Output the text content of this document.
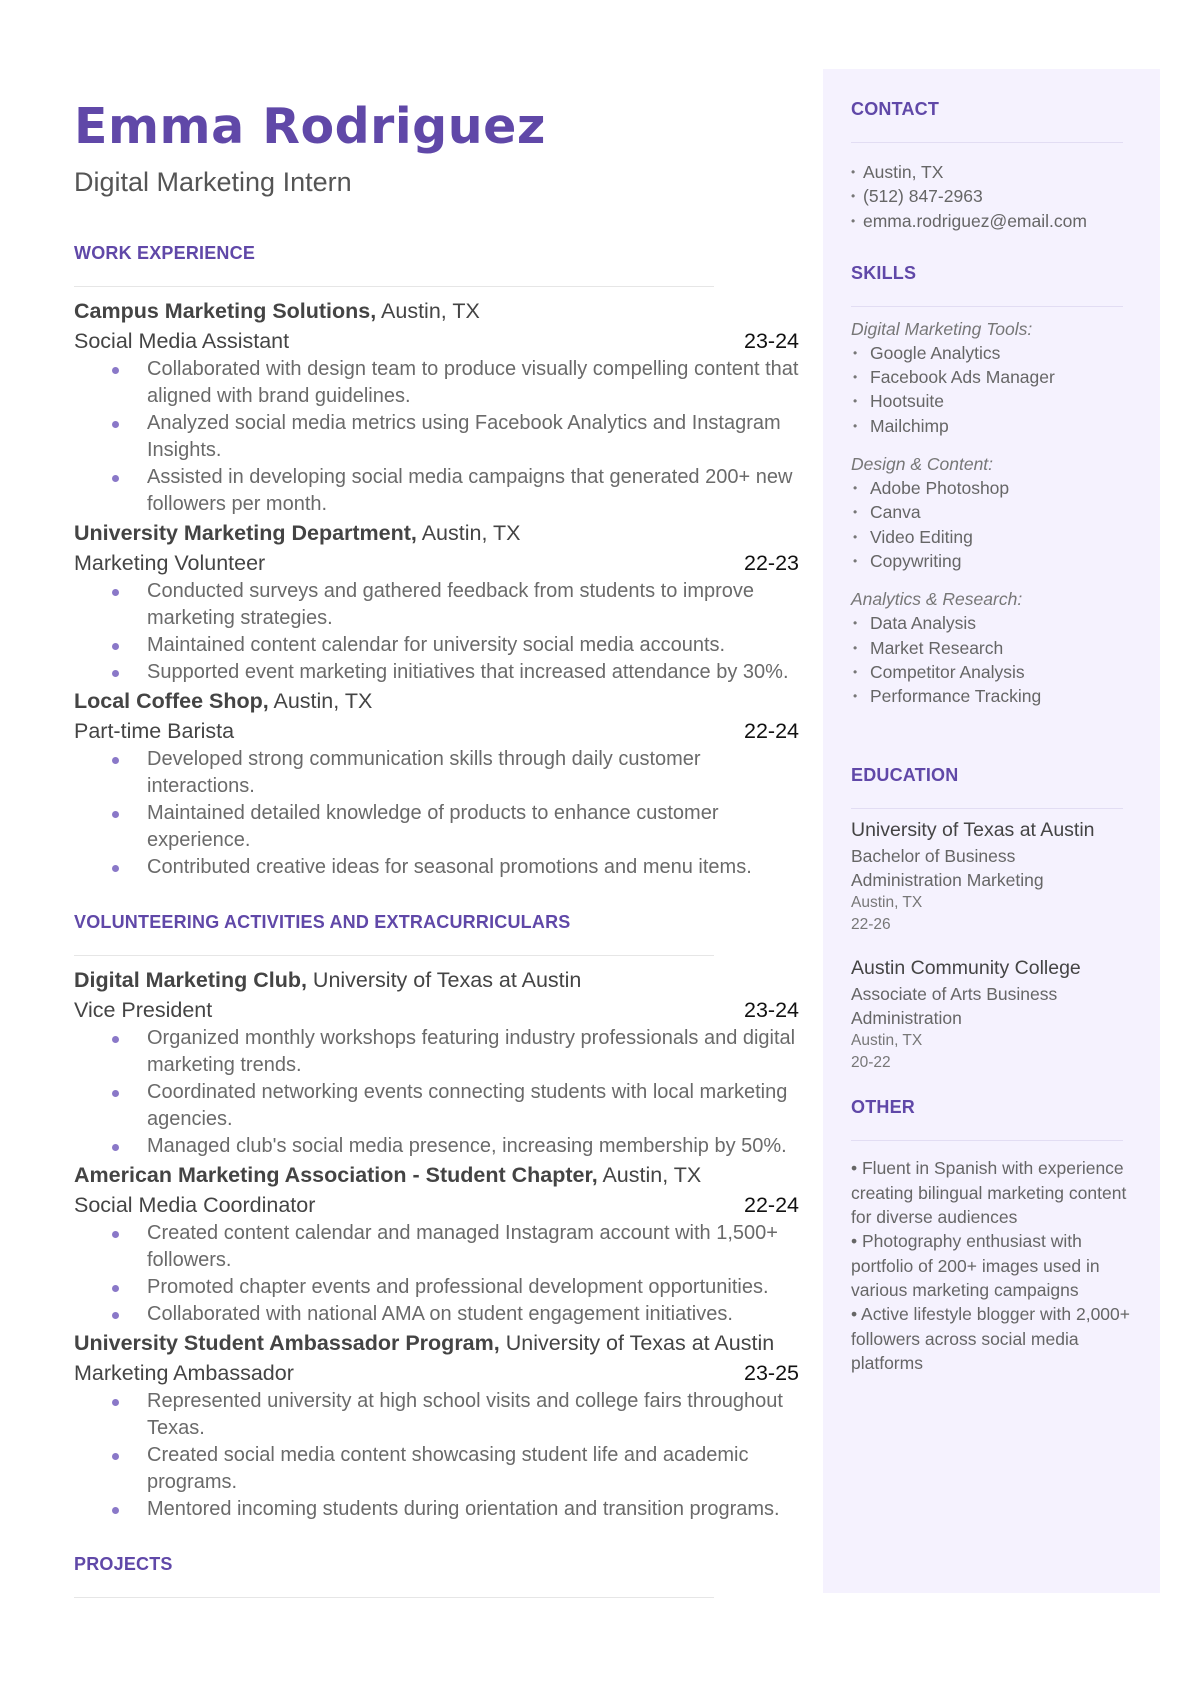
Emma Rodriguez
Digital Marketing Intern
WORK EXPERIENCE
Campus Marketing Solutions, Austin, TX
Social Media Assistant	23-24
Collaborated with design team to produce visually compelling content that aligned with brand guidelines.
Analyzed social media metrics using Facebook Analytics and Instagram Insights.
Assisted in developing social media campaigns that generated 200+ new followers per month.
University Marketing Department, Austin, TX
Marketing Volunteer	22-23
Conducted surveys and gathered feedback from students to improve marketing strategies.
Maintained content calendar for university social media accounts.
Supported event marketing initiatives that increased attendance by 30%.
Local Coffee Shop, Austin, TX
Part-time Barista	22-24
Developed strong communication skills through daily customer interactions.
Maintained detailed knowledge of products to enhance customer experience.
Contributed creative ideas for seasonal promotions and menu items.
VOLUNTEERING ACTIVITIES AND EXTRACURRICULARS
Digital Marketing Club, University of Texas at Austin
Vice President	23-24
Organized monthly workshops featuring industry professionals and digital marketing trends.
Coordinated networking events connecting students with local marketing agencies.
Managed club's social media presence, increasing membership by 50%.
American Marketing Association - Student Chapter, Austin, TX
Social Media Coordinator	22-24
Created content calendar and managed Instagram account with 1,500+ followers.
Promoted chapter events and professional development opportunities.
Collaborated with national AMA on student engagement initiatives.
University Student Ambassador Program, University of Texas at Austin
Marketing Ambassador	23-25
Represented university at high school visits and college fairs throughout Texas.
Created social media content showcasing student life and academic programs.
Mentored incoming students during orientation and transition programs.
PROJECTS
CONTACT
• Austin, TX
• (512) 847-2963
• emma.rodriguez@email.com
SKILLS
Digital Marketing Tools:
• Google Analytics
• Facebook Ads Manager
• Hootsuite
• Mailchimp
Design & Content:
• Adobe Photoshop
• Canva
• Video Editing
• Copywriting
Analytics & Research:
• Data Analysis
• Market Research
• Competitor Analysis
• Performance Tracking
EDUCATION
University of Texas at Austin
Bachelor of Business
Administration Marketing
Austin, TX
22-26
Austin Community College
Associate of Arts Business
Administration
Austin, TX
20-22
OTHER
• Fluent in Spanish with experience creating bilingual marketing content for diverse audiences
• Photography enthusiast with portfolio of 200+ images used in various marketing campaigns
• Active lifestyle blogger with 2,000+ followers across social media platforms
